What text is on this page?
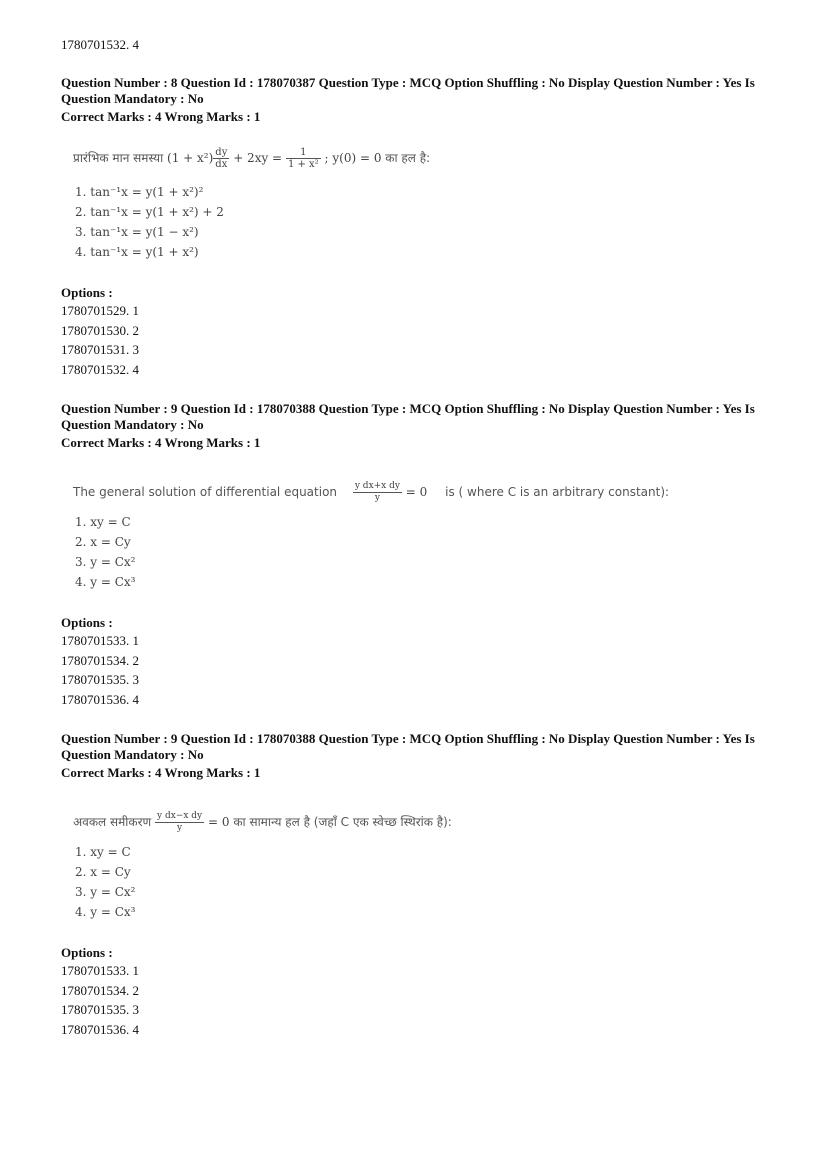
1780701532. 4
Question Number : 8 Question Id : 178070387 Question Type : MCQ Option Shuffling : No Display Question Number : Yes Is Question Mandatory : No
Correct Marks : 4 Wrong Marks : 1
प्रारंभिक मान समस्या $(1 + x^2) \frac{dy}{dx} + 2xy = \frac{1}{\text{1 + x²}}$ ; y(0) = 0 का हल है:
1. tan⁻¹x = y(1 + x²)²
2. tan⁻¹x = y(1 + x²) + 2
3. tan⁻¹x = y(1 − x²)
4. tan⁻¹x = y(1 + x²)
Options :
1780701529. 1
1780701530. 2
1780701531. 3
1780701532. 4
Question Number : 9 Question Id : 178070388 Question Type : MCQ Option Shuffling : No Display Question Number : Yes Is Question Mandatory : No
Correct Marks : 4 Wrong Marks : 1
The general solution of differential equation $\frac{\text{y dx+x dy}}{y} = 0$ is ( where C is an arbitrary constant):
1. xy = C
2. x = Cy
3. y = Cx²
4. y = Cx³
Options :
1780701533. 1
1780701534. 2
1780701535. 3
1780701536. 4
Question Number : 9 Question Id : 178070388 Question Type : MCQ Option Shuffling : No Display Question Number : Yes Is Question Mandatory : No
Correct Marks : 4 Wrong Marks : 1
अवकल समीकरण $\frac{\text{y dx−x dy}}{y} = 0$ का सामान्य हल है (जहाँ C एक स्वेच्छ स्थिरांक है):
1. xy = C
2. x = Cy
3. y = Cx²
4. y = Cx³
Options :
1780701533. 1
1780701534. 2
1780701535. 3
1780701536. 4
